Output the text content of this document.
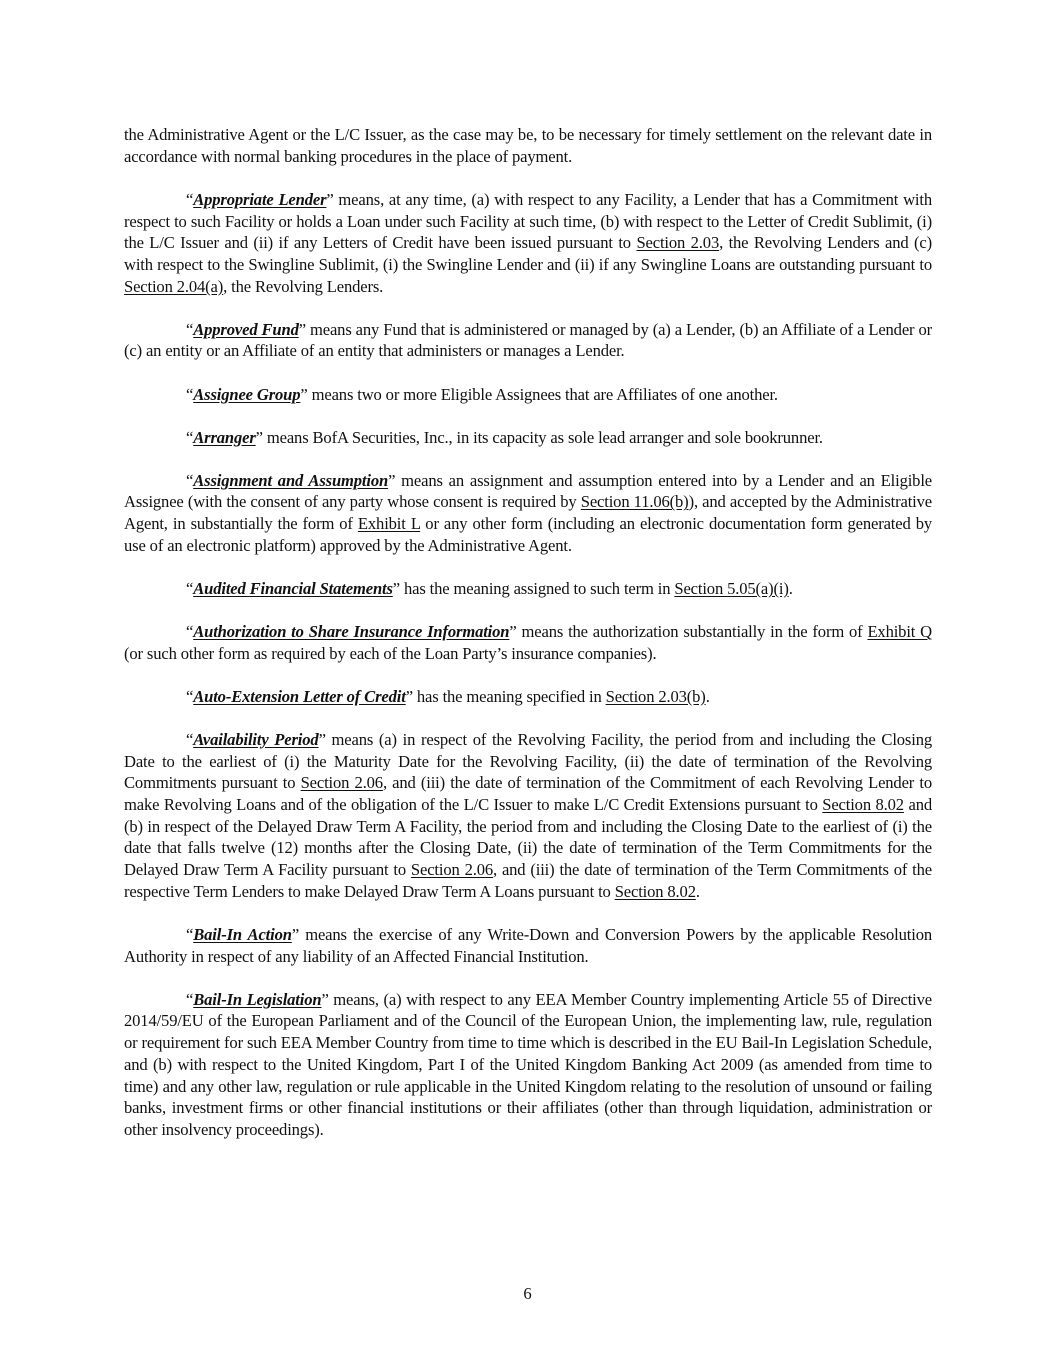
the Administrative Agent or the L/C Issuer, as the case may be, to be necessary for timely settlement on the relevant date in accordance with normal banking procedures in the place of payment.

“Appropriate Lender” means, at any time, (a) with respect to any Facility, a Lender that has a Commitment with respect to such Facility or holds a Loan under such Facility at such time, (b) with respect to the Letter of Credit Sublimit, (i) the L/C Issuer and (ii) if any Letters of Credit have been issued pursuant to Section 2.03, the Revolving Lenders and (c) with respect to the Swingline Sublimit, (i) the Swingline Lender and (ii) if any Swingline Loans are outstanding pursuant to Section 2.04(a), the Revolving Lenders.

“Approved Fund” means any Fund that is administered or managed by (a) a Lender, (b) an Affiliate of a Lender or (c) an entity or an Affiliate of an entity that administers or manages a Lender.

“Assignee Group” means two or more Eligible Assignees that are Affiliates of one another.

“Arranger” means BofA Securities, Inc., in its capacity as sole lead arranger and sole bookrunner.

“Assignment and Assumption” means an assignment and assumption entered into by a Lender and an Eligible Assignee (with the consent of any party whose consent is required by Section 11.06(b)), and accepted by the Administrative Agent, in substantially the form of Exhibit L or any other form (including an electronic documentation form generated by use of an electronic platform) approved by the Administrative Agent.

“Audited Financial Statements” has the meaning assigned to such term in Section 5.05(a)(i).

“Authorization to Share Insurance Information” means the authorization substantially in the form of Exhibit Q (or such other form as required by each of the Loan Party’s insurance companies).

“Auto-Extension Letter of Credit” has the meaning specified in Section 2.03(b).

“Availability Period” means (a) in respect of the Revolving Facility, the period from and including the Closing Date to the earliest of (i) the Maturity Date for the Revolving Facility, (ii) the date of termination of the Revolving Commitments pursuant to Section 2.06, and (iii) the date of termination of the Commitment of each Revolving Lender to make Revolving Loans and of the obligation of the L/C Issuer to make L/C Credit Extensions pursuant to Section 8.02 and (b) in respect of the Delayed Draw Term A Facility, the period from and including the Closing Date to the earliest of (i) the date that falls twelve (12) months after the Closing Date, (ii) the date of termination of the Term Commitments for the Delayed Draw Term A Facility pursuant to Section 2.06, and (iii) the date of termination of the Term Commitments of the respective Term Lenders to make Delayed Draw Term A Loans pursuant to Section 8.02.

“Bail-In Action” means the exercise of any Write-Down and Conversion Powers by the applicable Resolution Authority in respect of any liability of an Affected Financial Institution.

“Bail-In Legislation” means, (a) with respect to any EEA Member Country implementing Article 55 of Directive 2014/59/EU of the European Parliament and of the Council of the European Union, the implementing law, rule, regulation or requirement for such EEA Member Country from time to time which is described in the EU Bail-In Legislation Schedule, and (b) with respect to the United Kingdom, Part I of the United Kingdom Banking Act 2009 (as amended from time to time) and any other law, regulation or rule applicable in the United Kingdom relating to the resolution of unsound or failing banks, investment firms or other financial institutions or their affiliates (other than through liquidation, administration or other insolvency proceedings).

6
